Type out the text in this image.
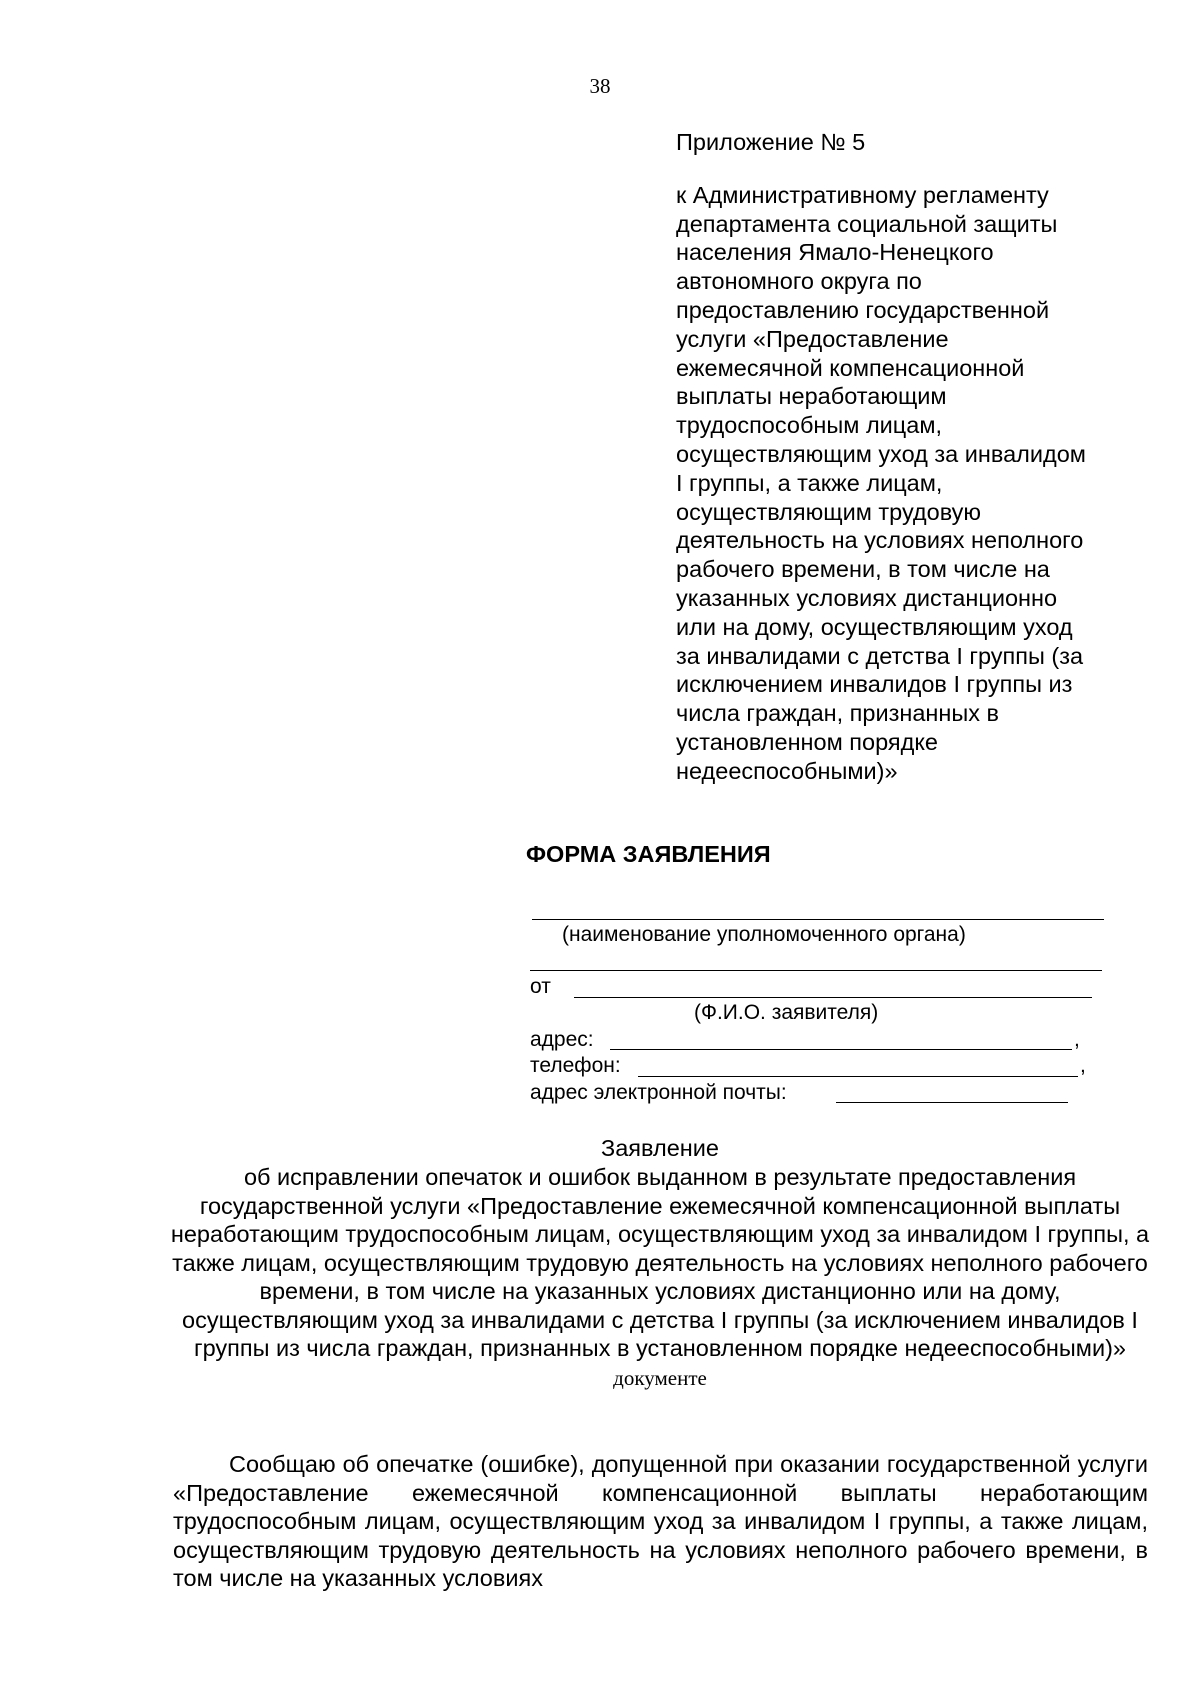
38

Приложение № 5

к Административному регламенту
департамента социальной защиты
населения Ямало-Ненецкого
автономного округа по
предоставлению государственной
услуги «Предоставление
ежемесячной компенсационной
выплаты неработающим
трудоспособным лицам,
осуществляющим уход за инвалидом
I группы, а также лицам,
осуществляющим трудовую
деятельность на условиях неполного
рабочего времени, в том числе на
указанных условиях дистанционно
или на дому, осуществляющим уход
за инвалидами с детства I группы (за
исключением инвалидов I группы из
числа граждан, признанных в
установленном порядке
недееспособными)»

ФОРМА ЗАЯВЛЕНИЯ
(наименование уполномоченного органа)
от
(Ф.И.О. заявителя)
адрес:	,
телефон:	,
адрес электронной почты:
Заявление

об исправлении опечаток и ошибок выданном в результате предоставления государственной услуги «Предоставление ежемесячной компенсационной выплаты неработающим трудоспособным лицам, осуществляющим уход за инвалидом I группы, а также лицам, осуществляющим трудовую деятельность на условиях неполного рабочего времени, в том числе на указанных условиях дистанционно или на дому, осуществляющим уход за инвалидами с детства I группы (за исключением инвалидов I группы из числа граждан, признанных в установленном порядке недееспособными)» документе

Сообщаю об опечатке (ошибке), допущенной при оказании государственной услуги «Предоставление ежемесячной компенсационной выплаты неработающим трудоспособным лицам, осуществляющим уход за инвалидом I группы, а также лицам, осуществляющим трудовую деятельность на условиях неполного рабочего времени, в том числе на указанных условиях
